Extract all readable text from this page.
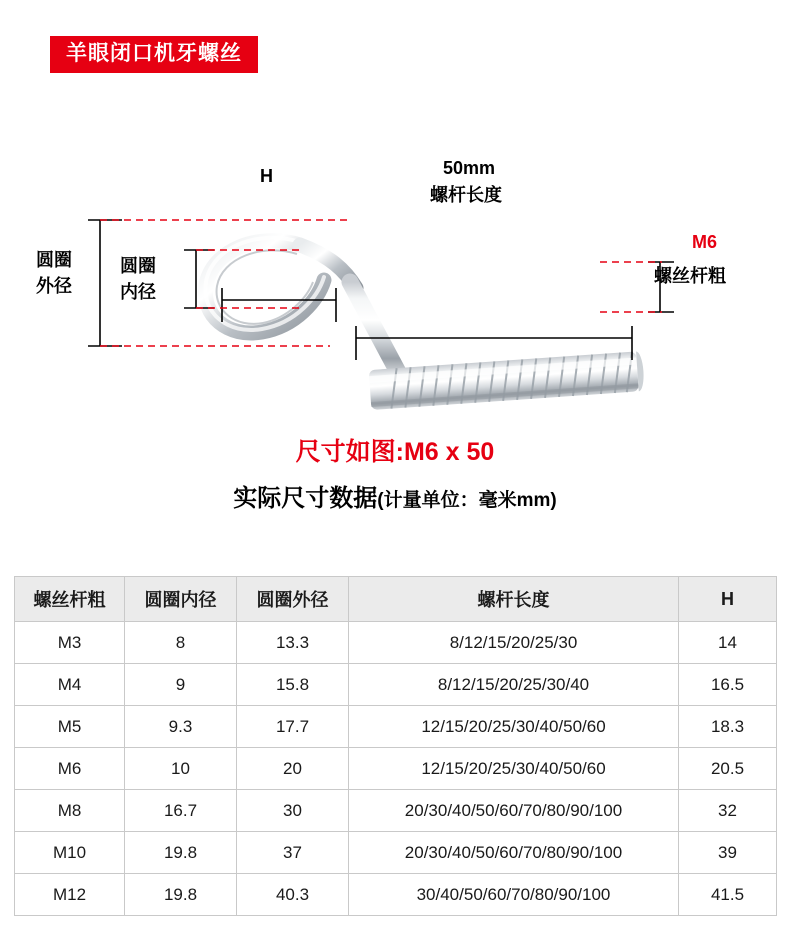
羊眼闭口机牙螺丝
H	50mm
螺杆长度
圆圈
外径
圆圈
内径
M6
螺丝杆粗
尺寸如图:M6 x 50
实际尺寸数据(计量单位：毫米mm)
螺丝杆粗	圆圈内径	圆圈外径	螺杆长度	H
M3	8	13.3	8/12/15/20/25/30	14
M4	9	15.8	8/12/15/20/25/30/40	16.5
M5	9.3	17.7	12/15/20/25/30/40/50/60	18.3
M6	10	20	12/15/20/25/30/40/50/60	20.5
M8	16.7	30	20/30/40/50/60/70/80/90/100	32
M10	19.8	37	20/30/40/50/60/70/80/90/100	39
M12	19.8	40.3	30/40/50/60/70/80/90/100	41.5
